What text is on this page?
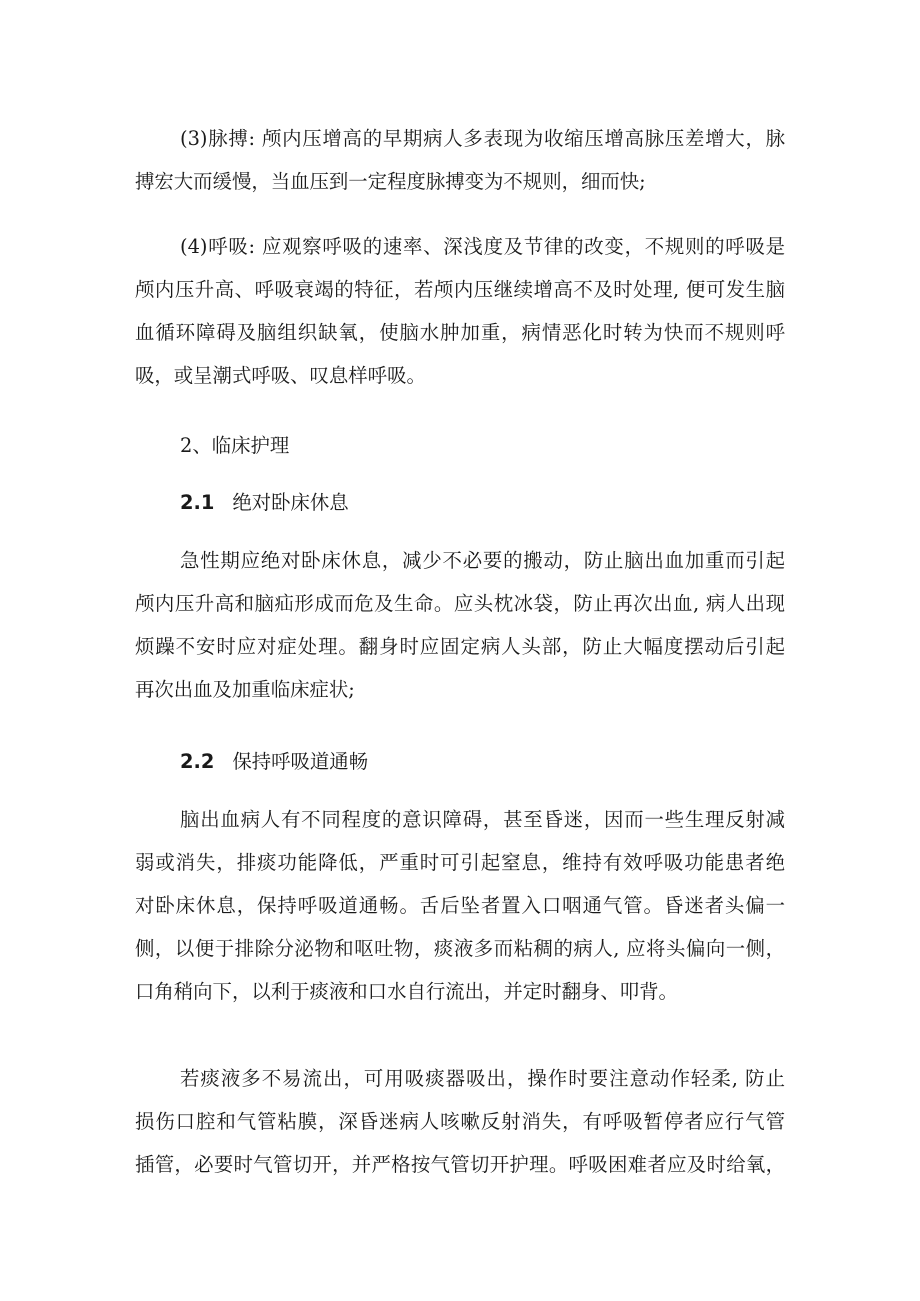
(3)脉搏: 颅内压增高的早期病人多表现为收缩压增高脉压差增大，脉
搏宏大而缓慢，当血压到一定程度脉搏变为不规则，细而快;
(4)呼吸: 应观察呼吸的速率、深浅度及节律的改变，不规则的呼吸是
颅内压升高、呼吸衰竭的特征，若颅内压继续增高不及时处理, 便可发生脑
血循环障碍及脑组织缺氧，使脑水肿加重，病情恶化时转为快而不规则呼
吸，或呈潮式呼吸、叹息样呼吸。
2、临床护理
2.1 绝对卧床休息
急性期应绝对卧床休息，减少不必要的搬动，防止脑出血加重而引起
颅内压升高和脑疝形成而危及生命。应头枕冰袋，防止再次出血, 病人出现
烦躁不安时应对症处理。翻身时应固定病人头部，防止大幅度摆动后引起
再次出血及加重临床症状;
2.2 保持呼吸道通畅
脑出血病人有不同程度的意识障碍，甚至昏迷，因而一些生理反射减
弱或消失，排痰功能降低，严重时可引起窒息，维持有效呼吸功能患者绝
对卧床休息，保持呼吸道通畅。舌后坠者置入口咽通气管。昏迷者头偏一
侧，以便于排除分泌物和呕吐物，痰液多而粘稠的病人, 应将头偏向一侧，
口角稍向下，以利于痰液和口水自行流出，并定时翻身、叩背。
若痰液多不易流出，可用吸痰器吸出，操作时要注意动作轻柔, 防止
损伤口腔和气管粘膜，深昏迷病人咳嗽反射消失，有呼吸暂停者应行气管
插管，必要时气管切开，并严格按气管切开护理。呼吸困难者应及时给氧，
